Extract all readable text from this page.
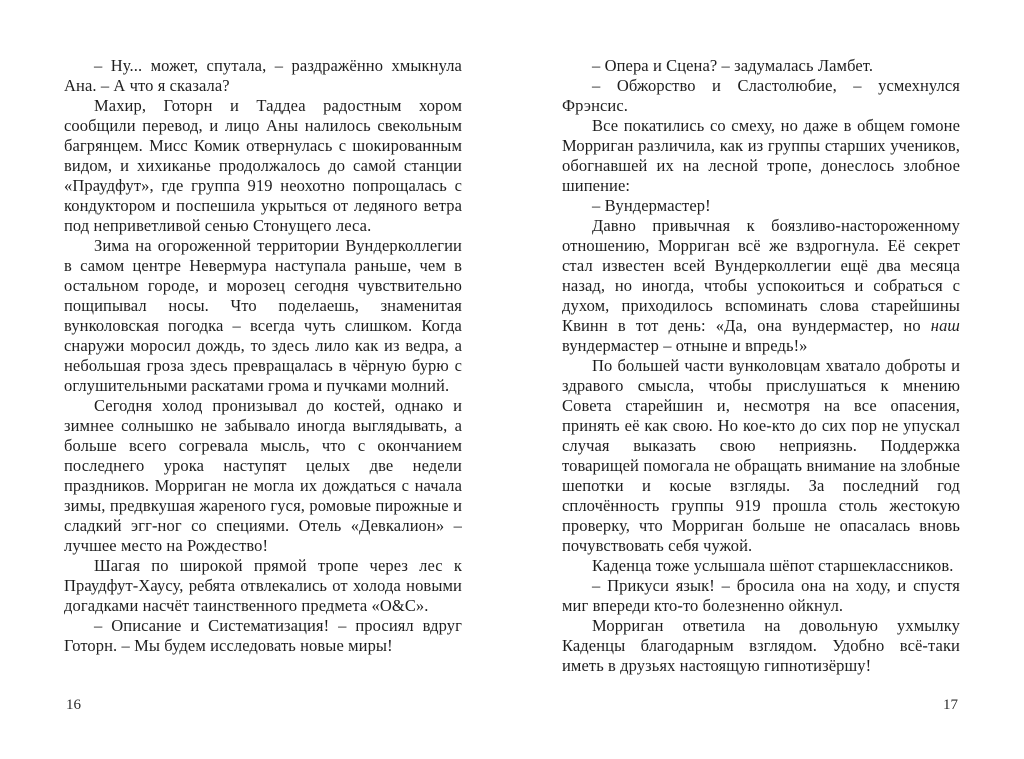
– Ну... может, спутала, – раздражённо хмыкнула Ана. – А что я сказала?

Махир, Готорн и Таддеа радостным хором сообщили перевод, и лицо Аны налилось свекольным багрянцем. Мисс Комик отвернулась с шокированным видом, и хихиканье продолжалось до самой станции «Праудфут», где группа 919 неохотно попрощалась с кондуктором и поспешила укрыться от ледяного ветра под неприветливой сенью Стонущего леса.

Зима на огороженной территории Вундерколлегии в самом центре Невермура наступала раньше, чем в остальном городе, и морозец сегодня чувствительно пощипывал носы. Что поделаешь, знаменитая вунколовская погодка – всегда чуть слишком. Когда снаружи моросил дождь, то здесь лило как из ведра, а небольшая гроза здесь превращалась в чёрную бурю с оглушительными раскатами грома и пучками молний.

Сегодня холод пронизывал до костей, однако и зимнее солнышко не забывало иногда выглядывать, а больше всего согревала мысль, что с окончанием последнего урока наступят целых две недели праздников. Морриган не могла их дождаться с начала зимы, предвкушая жареного гуся, ромовые пирожные и сладкий эгг-ног со специями. Отель «Девкалион» – лучшее место на Рождество!

Шагая по широкой прямой тропе через лес к Праудфут-Хаусу, ребята отвлекались от холода новыми догадками насчёт таинственного предмета «O&C».

– Описание и Систематизация! – просиял вдруг Готорн. – Мы будем исследовать новые миры!

16

– Опера и Сцена? – задумалась Ламбет.

– Обжорство и Сластолюбие, – усмехнулся Фрэнсис.

Все покатились со смеху, но даже в общем гомоне Морриган различила, как из группы старших учеников, обогнавшей их на лесной тропе, донеслось злобное шипение:

– Вундермастер!

Давно привычная к боязливо-настороженному отношению, Морриган всё же вздрогнула. Её секрет стал известен всей Вундерколлегии ещё два месяца назад, но иногда, чтобы успокоиться и собраться с духом, приходилось вспоминать слова старейшины Квинн в тот день: «Да, она вундермастер, но наш вундермастер – отныне и впредь!»

По большей части вунколовцам хватало доброты и здравого смысла, чтобы прислушаться к мнению Совета старейшин и, несмотря на все опасения, принять её как свою. Но кое-кто до сих пор не упускал случая выказать свою неприязнь. Поддержка товарищей помогала не обращать внимание на злобные шепотки и косые взгляды. За последний год сплочённость группы 919 прошла столь жестокую проверку, что Морриган больше не опасалась вновь почувствовать себя чужой.

Каденца тоже услышала шёпот старшеклассников.

– Прикуси язык! – бросила она на ходу, и спустя миг впереди кто-то болезненно ойкнул.

Морриган ответила на довольную ухмылку Каденцы благодарным взглядом. Удобно всё-таки иметь в друзьях настоящую гипнотизёршу!

17
